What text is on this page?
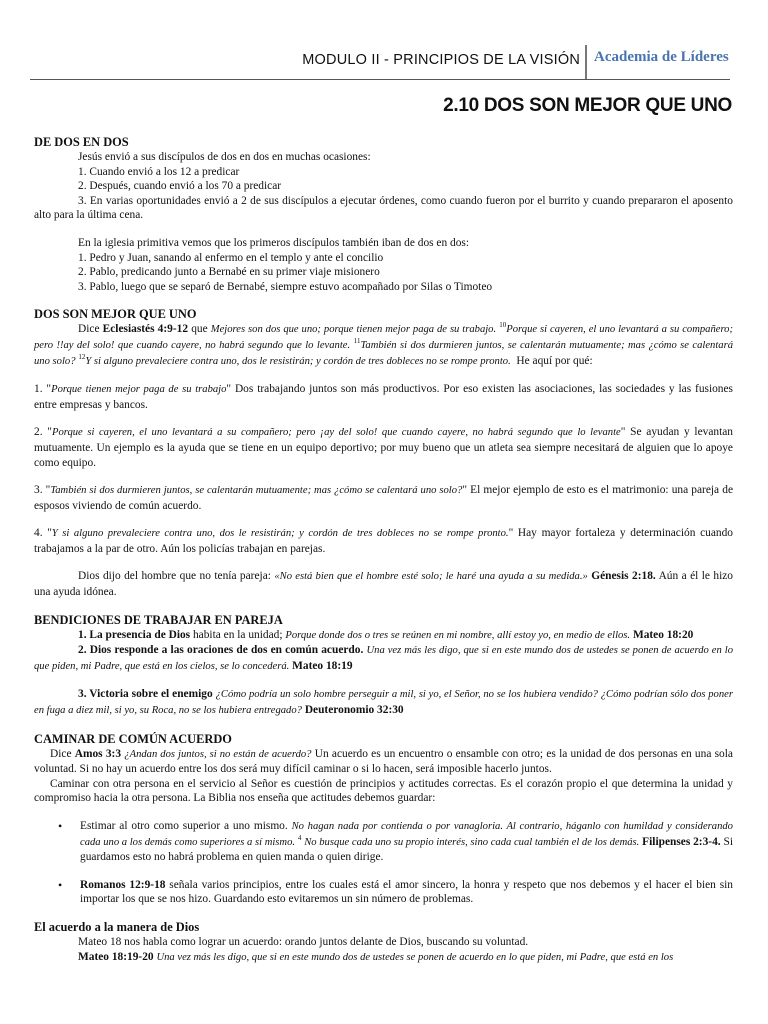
MODULO II - PRINCIPIOS DE LA VISIÓN Academia de Líderes
2.10 DOS SON MEJOR QUE UNO
DE DOS EN DOS

Jesús envió a sus discípulos de dos en dos en muchas ocasiones:

1. Cuando envió a los 12 a predicar

2. Después, cuando envió a los 70 a predicar

3. En varias oportunidades envió a 2 de sus discípulos a ejecutar órdenes, como cuando fueron por el burrito y cuando prepararon el aposento alto para la última cena.

En la iglesia primitiva vemos que los primeros discípulos también iban de dos en dos:

1. Pedro y Juan, sanando al enfermo en el templo y ante el concilio

2. Pablo, predicando junto a Bernabé en su primer viaje misionero

3. Pablo, luego que se separó de Bernabé, siempre estuvo acompañado por Silas o Timoteo

DOS SON MEJOR QUE UNO

Dice Eclesiastés 4:9-12 que Mejores son dos que uno; porque tienen mejor paga de su trabajo. $^{10}$Porque si cayeren, el uno levantará a su compañero; pero !!ay del solo! que cuando cayere, no habrá segundo que lo levante. $^{11}$También si dos durmieren juntos, se calentarán mutuamente; mas ¿cómo se calentará uno solo? $^{12}$Y si alguno prevaleciere contra uno, dos le resistirán; y cordón de tres dobleces no se rompe pronto. He aquí por qué:

1. "Porque tienen mejor paga de su trabajo" Dos trabajando juntos son más productivos. Por eso existen las asociaciones, las sociedades y las fusiones entre empresas y bancos.

2. "Porque si cayeren, el uno levantará a su compañero; pero ¡ay del solo! que cuando cayere, no habrá segundo que lo levante" Se ayudan y levantan mutuamente. Un ejemplo es la ayuda que se tiene en un equipo deportivo; por muy bueno que un atleta sea siempre necesitará de alguien que lo apoye como equipo.

3. "También si dos durmieren juntos, se calentarán mutuamente; mas ¿cómo se calentará uno solo?" El mejor ejemplo de esto es el matrimonio: una pareja de esposos viviendo de común acuerdo.

4. "Y si alguno prevaleciere contra uno, dos le resistirán; y cordón de tres dobleces no se rompe pronto." Hay mayor fortaleza y determinación cuando trabajamos a la par de otro. Aún los policías trabajan en parejas.

Dios dijo del hombre que no tenía pareja: «No está bien que el hombre esté solo; le haré una ayuda a su medida.» Génesis 2:18. Aún a él le hizo una ayuda idónea.

BENDICIONES DE TRABAJAR EN PAREJA

1. La presencia de Dios habita en la unidad; Porque donde dos o tres se reúnen en mi nombre, allí estoy yo, en medio de ellos. Mateo 18:20

2. Dios responde a las oraciones de dos en común acuerdo. Una vez más les digo, que si en este mundo dos de ustedes se ponen de acuerdo en lo que piden, mi Padre, que está en los cielos, se lo concederá. Mateo 18:19

3. Victoria sobre el enemigo ¿Cómo podría un solo hombre perseguir a mil, si yo, el Señor, no se los hubiera vendido? ¿Cómo podrían sólo dos poner en fuga a diez mil, si yo, su Roca, no se los hubiera entregado? Deuteronomio 32:30

CAMINAR DE COMÚN ACUERDO

Dice Amos 3:3 ¿Andan dos juntos, si no están de acuerdo? Un acuerdo es un encuentro o ensamble con otro; es la unidad de dos personas en una sola voluntad. Si no hay un acuerdo entre los dos será muy difícil caminar o si lo hacen, será imposible hacerlo juntos.

Caminar con otra persona en el servicio al Señor es cuestión de principios y actitudes correctas. Es el corazón propio el que determina la unidad y compromiso hacia la otra persona. La Biblia nos enseña que actitudes debemos guardar:

•	Estimar al otro como superior a uno mismo. No hagan nada por contienda o por vanagloria. Al contrario, háganlo con humildad y considerando cada uno a los demás como superiores a sí mismo. $^4$ No busque cada uno su propio interés, sino cada cual también el de los demás. Filipenses 2:3-4. Si guardamos esto no habrá problema en quien manda o quien dirige.

•	Romanos 12:9-18 señala varios principios, entre los cuales está el amor sincero, la honra y respeto que nos debemos y el hacer el bien sin importar los que se nos hizo. Guardando esto evitaremos un sin número de problemas.

El acuerdo a la manera de Dios

Mateo 18 nos habla como lograr un acuerdo: orando juntos delante de Dios, buscando su voluntad.

Mateo 18:19-20 Una vez más les digo, que si en este mundo dos de ustedes se ponen de acuerdo en lo que piden, mi Padre, que está en los
